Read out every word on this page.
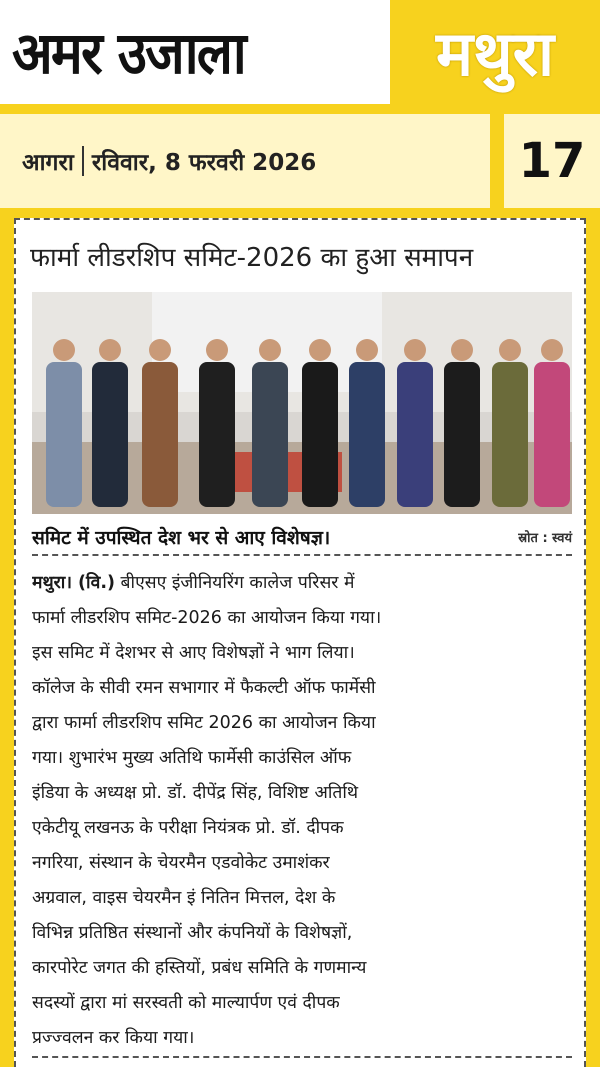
अमर उजाला	मथुरा
आगरा रविवार, 8 फरवरी 2026	17
फार्मा लीडरशिप समिट-2026 का हुआ समापन
समिट में उपस्थित देश भर से आए विशेषज्ञ।	स्रोत : स्वयं
मथुरा। (वि.) बीएसए इंजीनियरिंग कालेज परिसर में
फार्मा लीडरशिप समिट-2026 का आयोजन किया गया।
इस समिट में देशभर से आए विशेषज्ञों ने भाग लिया।
कॉलेज के सीवी रमन सभागार में फैकल्टी ऑफ फार्मेसी
द्वारा फार्मा लीडरशिप समिट 2026 का आयोजन किया
गया। शुभारंभ मुख्य अतिथि फार्मेसी काउंसिल ऑफ
इंडिया के अध्यक्ष प्रो. डॉ. दीपेंद्र सिंह, विशिष्ट अतिथि
एकेटीयू लखनऊ के परीक्षा नियंत्रक प्रो. डॉ. दीपक
नगरिया, संस्थान के चेयरमैन एडवोकेट उमाशंकर
अग्रवाल, वाइस चेयरमैन इं नितिन मित्तल, देश के
विभिन्न प्रतिष्ठित संस्थानों और कंपनियों के विशेषज्ञों,
कारपोरेट जगत की हस्तियों, प्रबंध समिति के गणमान्य
सदस्यों द्वारा मां सरस्वती को माल्यार्पण एवं दीपक
प्रज्ज्वलन कर किया गया।
